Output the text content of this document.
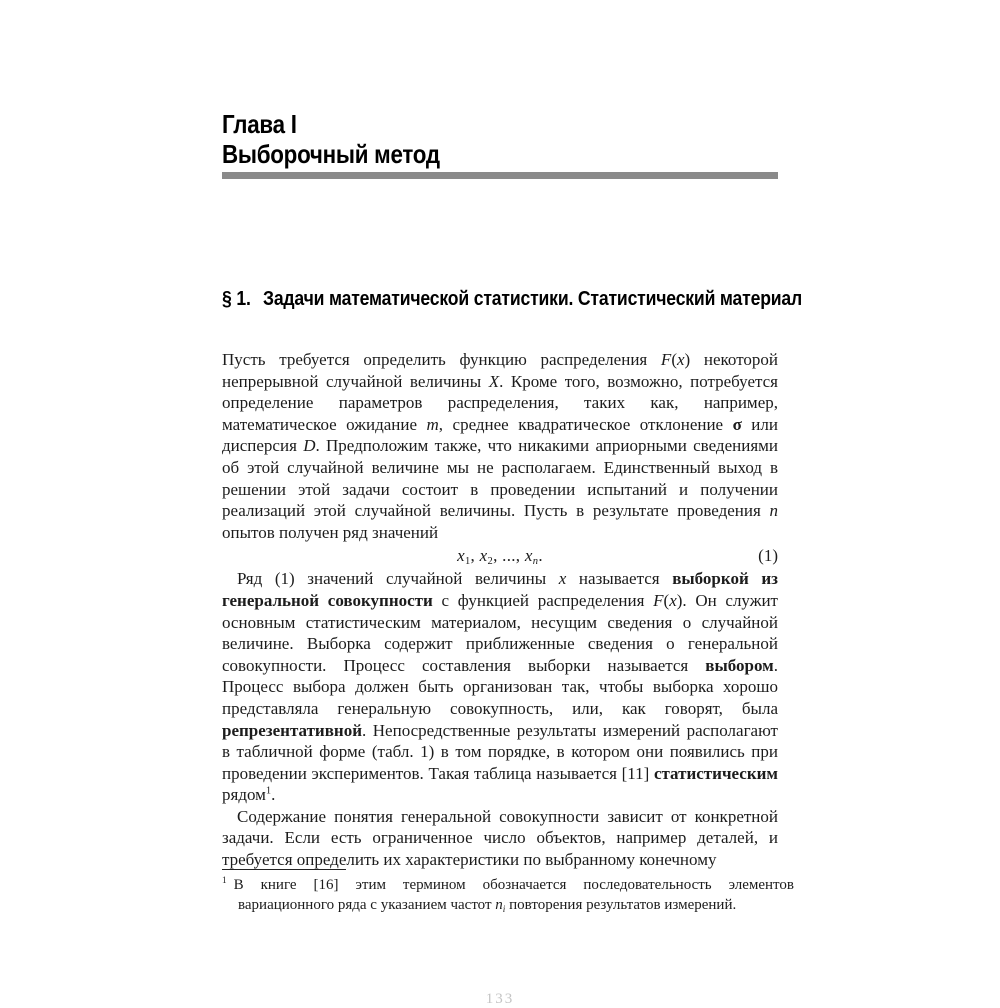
Глава I
Выборочный метод
§ 1. Задачи математической статистики. Статистический материал

Пусть требуется определить функцию распределения F(x) некоторой непрерывной случайной величины X. Кроме того, возможно, потребуется определение параметров распределения, таких как, например, математическое ожидание m, среднее квадратическое отклонение σ или дисперсия D. Предположим также, что никакими априорными сведениями об этой случайной величине мы не располагаем. Единственный выход в решении этой задачи состоит в проведении испытаний и получении реализаций этой случайной величины. Пусть в результате проведения n опытов получен ряд значений

$x_1$, $x_2$, ..., $x_n$.	(1)

Ряд (1) значений случайной величины x называется выборкой из генеральной совокупности с функцией распределения F(x). Он служит основным статистическим материалом, несущим сведения о случайной величине. Выборка содержит приближенные сведения о генеральной совокупности. Процесс составления выборки называется выбором. Процесс выбора должен быть организован так, чтобы выборка хорошо представляла генеральную совокупность, или, как говорят, была репрезентативной. Непосредственные результаты измерений располагают в табличной форме (табл. 1) в том порядке, в котором они появились при проведении экспериментов. Такая таблица называется [11] статистическим рядом$^1$.

Содержание понятия генеральной совокупности зависит от конкретной задачи. Если есть ограниченное число объектов, например деталей, и требуется определить их характеристики по выбранному конечному

$^1$ В книге [16] этим термином обозначается последовательность элементов вариационного ряда с указанием частот $n_i$ повторения результатов измерений.
133
